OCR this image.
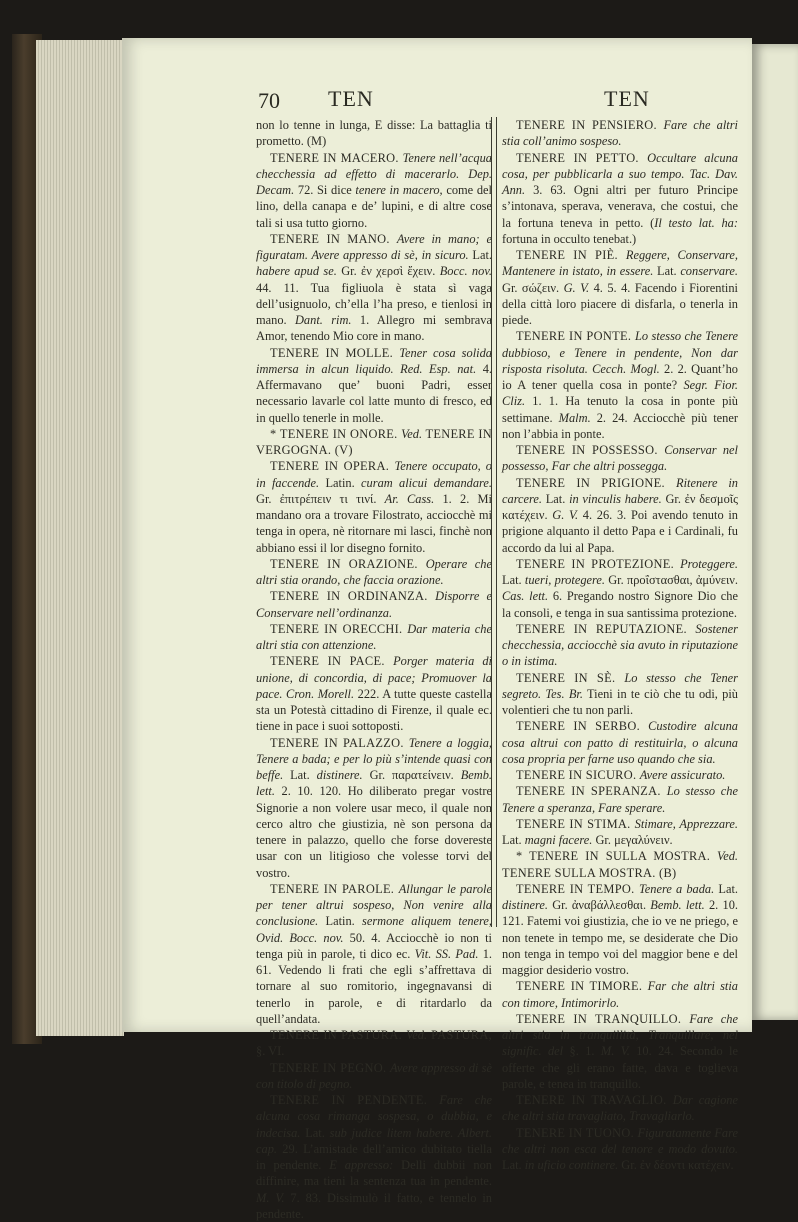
70 TEN	TEN

non lo tenne in lunga, E disse: La battaglia ti prometto. (M)

TENERE IN MACERO. Tenere nell’acqua checchessia ad effetto di macerarlo. Dep. Decam. 72. Si dice tenere in macero, come del lino, della canapa e de’ lupini, e di altre cose tali si usa tutto giorno.

TENERE IN MANO. Avere in mano; e figuratam. Avere appresso di sè, in sicuro. Lat. habere apud se. Gr. ἐν χερσὶ ἔχειν. Bocc. nov. 44. 11. Tua figliuola è stata sì vaga dell’usignuolo, ch’ella l’ha preso, e tienlosi in mano. Dant. rim. 1. Allegro mi sembrava Amor, tenendo Mio core in mano.

TENERE IN MOLLE. Tener cosa solida immersa in alcun liquido. Red. Esp. nat. 4. Affermavano que’ buoni Padri, esser necessario lavarle col latte munto di fresco, ed in quello tenerle in molle.

* TENERE IN ONORE. Ved. TENERE IN VERGOGNA. (V)

TENERE IN OPERA. Tenere occupato, o in faccende. Latin. curam alicui demandare. Gr. ἐπιτρέπειν τι τινί. Ar. Cass. 1. 2. Mi mandano ora a trovare Filostrato, acciocchè mi tenga in opera, nè ritornare mi lasci, finchè non abbiano essi il lor disegno fornito.

TENERE IN ORAZIONE. Operare che altri stia orando, che faccia orazione.

TENERE IN ORDINANZA. Disporre e Conservare nell’ordinanza.

TENERE IN ORECCHI. Dar materia che altri stia con attenzione.

TENERE IN PACE. Porger materia di unione, di concordia, di pace; Promuover la pace. Cron. Morell. 222. A tutte queste castella sta un Potestà cittadino di Firenze, il quale ec. tiene in pace i suoi sottoposti.

TENERE IN PALAZZO. Tenere a loggia, Tenere a bada; e per lo più s’intende quasi con beffe. Lat. distinere. Gr. παρατείνειν. Bemb. lett. 2. 10. 120. Ho diliberato pregar vostre Signorie a non volere usar meco, il quale non cerco altro che giustizia, nè son persona da tenere in palazzo, quello che forse dovereste usar con un litigioso che volesse torvi del vostro.

TENERE IN PAROLE. Allungar le parole per tener altrui sospeso, Non venire alla conclusione. Latin. sermone aliquem tenere, Ovid. Bocc. nov. 50. 4. Acciocchè io non ti tenga più in parole, ti dico ec. Vit. SS. Pad. 1. 61. Vedendo li frati che egli s’affrettava di tornare al suo romitorio, ingegnavansi di tenerlo in parole, e di ritardarlo da quell’andata.

TENERE IN PASTURA. Ved. PASTURA, §. VI.

TENERE IN PEGNO. Avere appresso di sè con titolo di pegno.

TENERE IN PENDENTE. Fare che alcuna cosa rimanga sospesa, o dubbia, e indecisa. Lat. sub judice litem habere. Albert. cap. 29. L’amistade dell’amico dubitato tiella in pendente. E appresso: Delli dubbii non diffinire, ma tieni la sentenza tua in pendente. M. V. 7. 83. Dissimulò il fatto, e tennelo in pendente.

TENERE IN PENSIERO. Fare che altri stia coll’animo sospeso.

TENERE IN PETTO. Occultare alcuna cosa, per pubblicarla a suo tempo. Tac. Dav. Ann. 3. 63. Ogni altri per futuro Principe s’intonava, sperava, venerava, che costui, che la fortuna teneva in petto. (Il testo lat. ha: fortuna in occulto tenebat.)

TENERE IN PIÈ. Reggere, Conservare, Mantenere in istato, in essere. Lat. conservare. Gr. σώζειν. G. V. 4. 5. 4. Facendo i Fiorentini della città loro piacere di disfarla, o tenerla in piede.

TENERE IN PONTE. Lo stesso che Tenere dubbioso, e Tenere in pendente, Non dar risposta risoluta. Cecch. Mogl. 2. 2. Quant’ho io A tener quella cosa in ponte? Segr. Fior. Cliz. 1. 1. Ha tenuto la cosa in ponte più settimane. Malm. 2. 24. Acciocchè più tener non l’abbia in ponte.

TENERE IN POSSESSO. Conservar nel possesso, Far che altri possegga.

TENERE IN PRIGIONE. Ritenere in carcere. Lat. in vinculis habere. Gr. ἐν δεσμοῖς κατέχειν. G. V. 4. 26. 3. Poi avendo tenuto in prigione alquanto il detto Papa e i Cardinali, fu accordo da lui al Papa.

TENERE IN PROTEZIONE. Proteggere. Lat. tueri, protegere. Gr. προΐστασθαι, ἀμύνειν. Cas. lett. 6. Pregando nostro Signore Dio che la consoli, e tenga in sua santissima protezione.

TENERE IN REPUTAZIONE. Sostener checchessia, acciocchè sia avuto in riputazione o in istima.

TENERE IN SÈ. Lo stesso che Tener segreto. Tes. Br. Tieni in te ciò che tu odi, più volentieri che tu non parli.

TENERE IN SERBO. Custodire alcuna cosa altrui con patto di restituirla, o alcuna cosa propria per farne uso quando che sia.

TENERE IN SICURO. Avere assicurato.

TENERE IN SPERANZA. Lo stesso che Tenere a speranza, Fare sperare.

TENERE IN STIMA. Stimare, Apprezzare. Lat. magni facere. Gr. μεγαλύνειν.

* TENERE IN SULLA MOSTRA. Ved. TENERE SULLA MOSTRA. (B)

TENERE IN TEMPO. Tenere a bada. Lat. distinere. Gr. ἀναβάλλεσθαι. Bemb. lett. 2. 10. 121. Fatemi voi giustizia, che io ve ne priego, e non tenete in tempo me, se desiderate che Dio non tenga in tempo voi del maggior bene e del maggior desiderio vostro.

TENERE IN TIMORE. Far che altri stia con timore, Intimorirlo.

TENERE IN TRANQUILLO. Fare che altri stia in tranquillità, Tranquillare, nel signific. del §. 1. M. V. 10. 24. Secondo le offerte che gli erano fatte, dava e toglieva parole, e tenea in tranquillo.

TENERE IN TRAVAGLIO. Dar cagione che altri stia travagliato, Travagliarlo.

TENERE IN TUONO. Figuratamente Fare che altri non esca del tenore e modo dovuto. Lat. in uficio continere. Gr. ἐν δέοντι κατέχειν.
